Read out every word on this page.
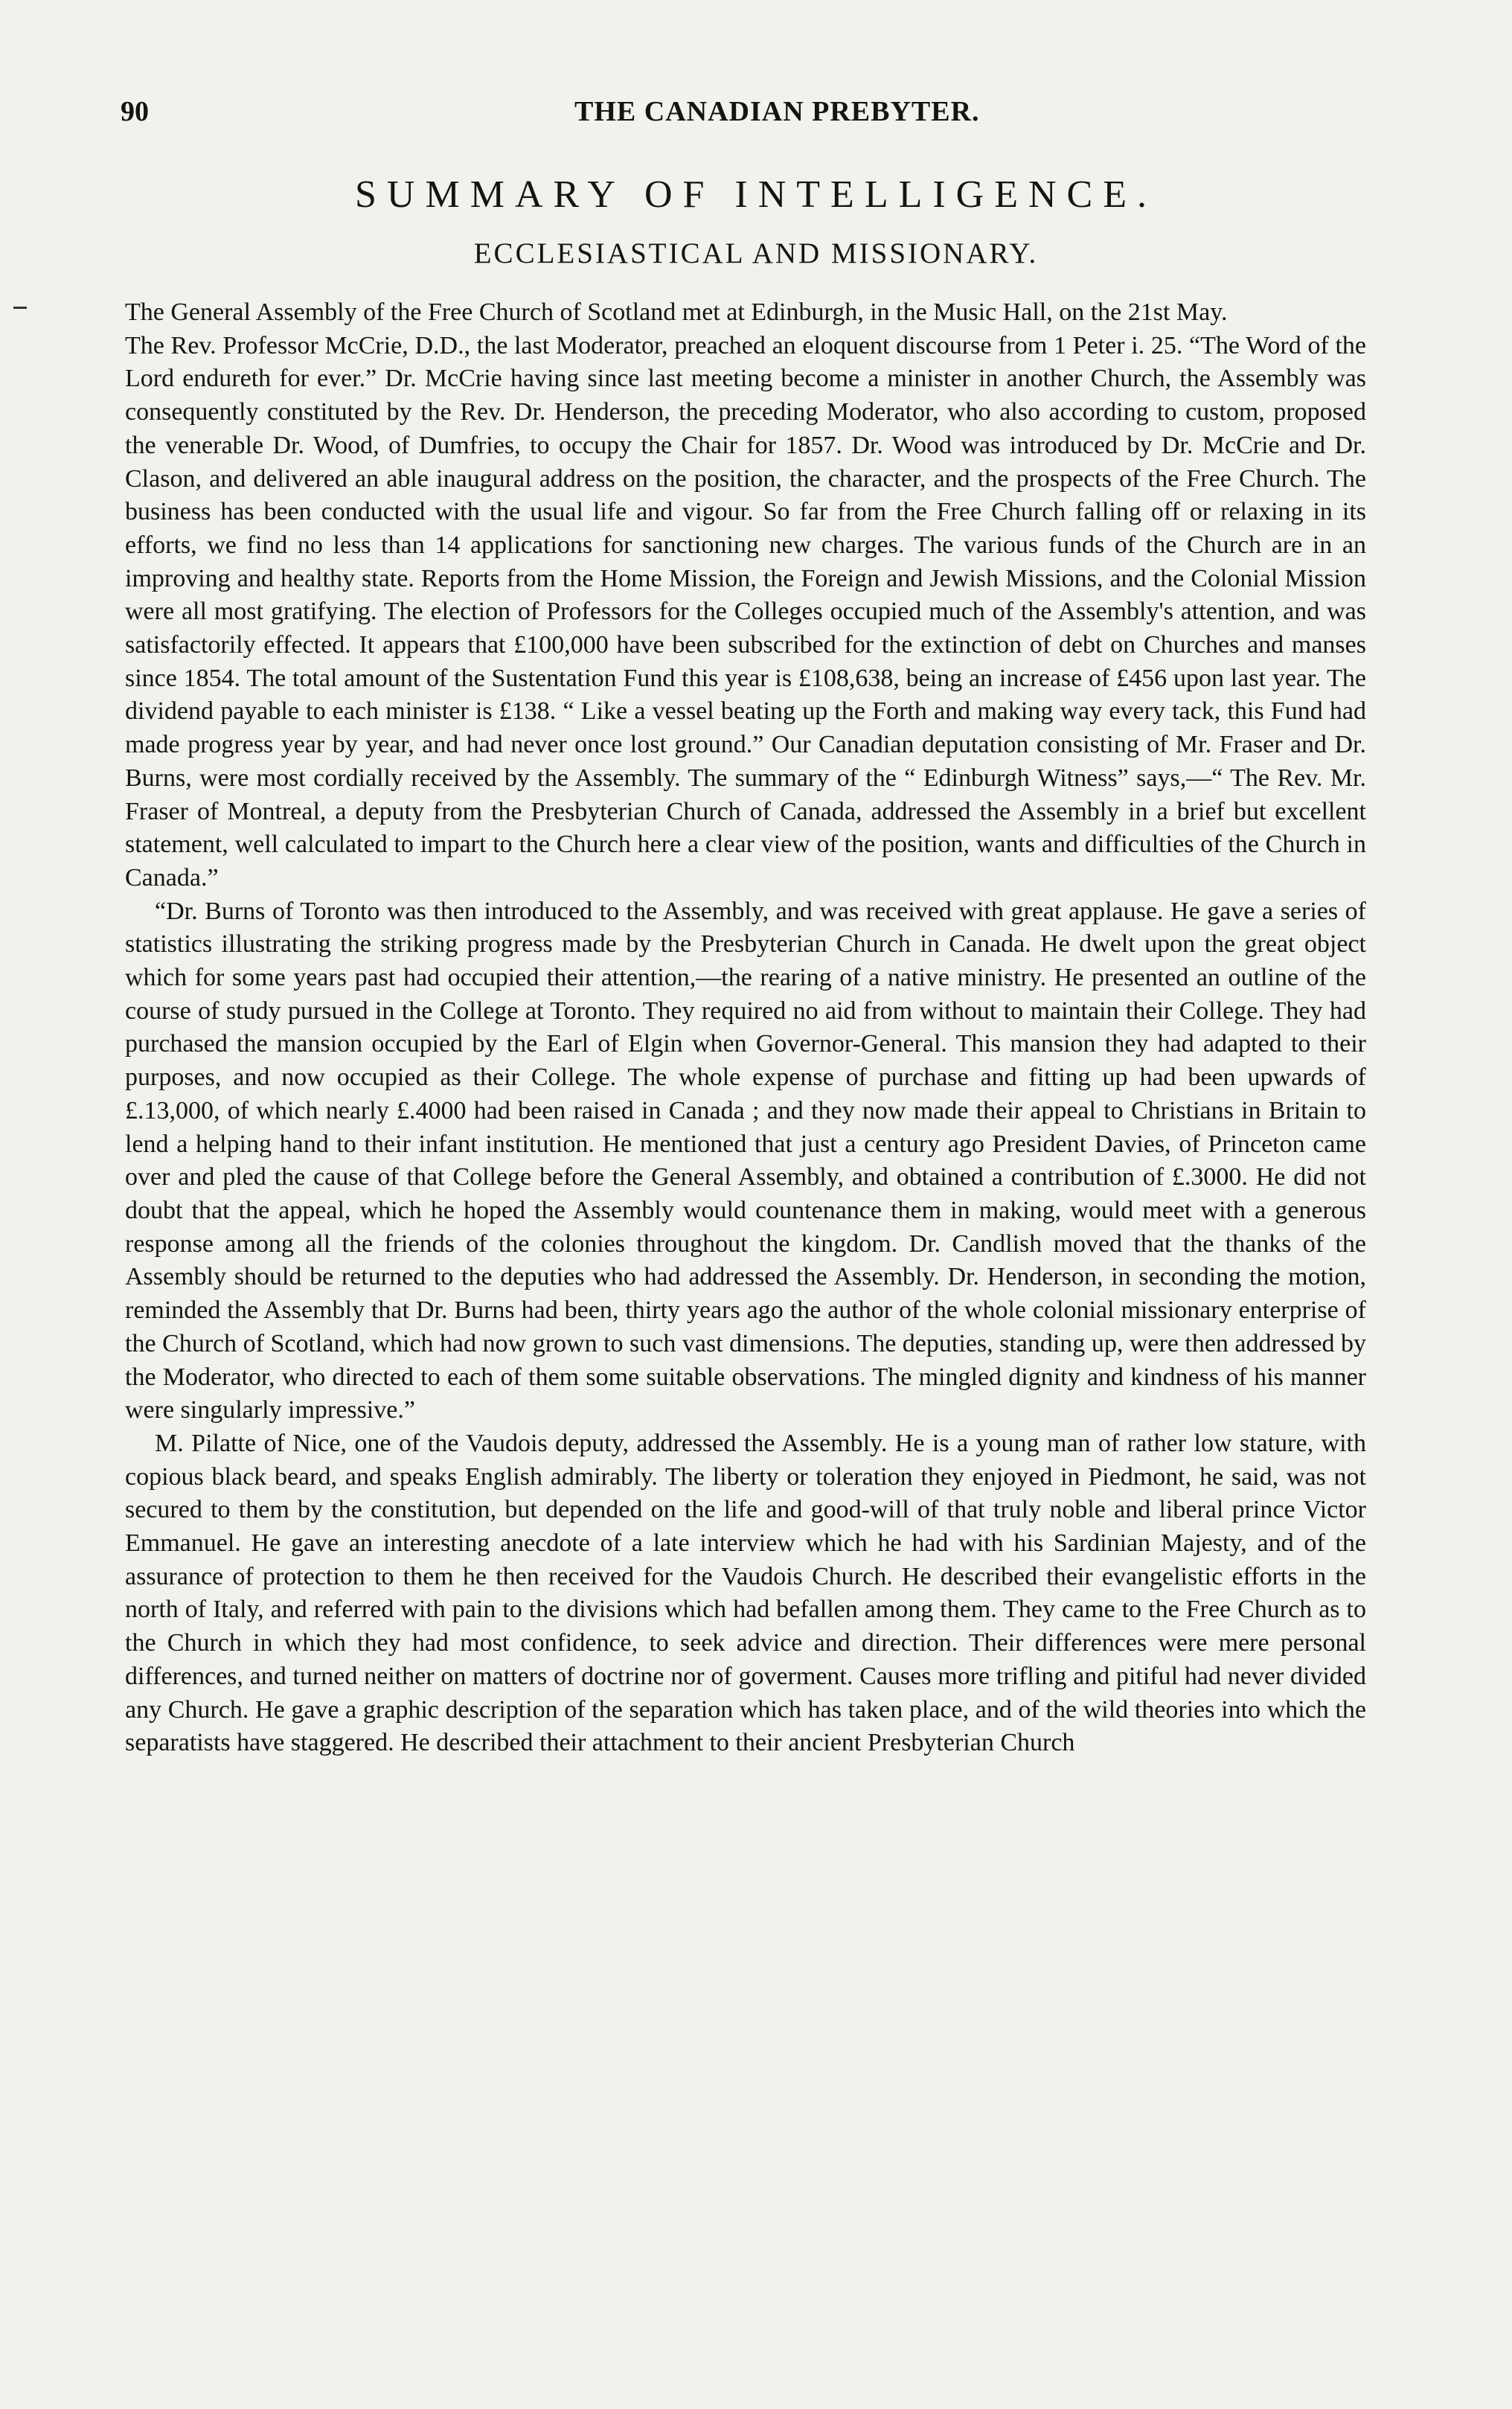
90	THE CANADIAN PREBYTER.
SUMMARY OF INTELLIGENCE.
ECCLESIASTICAL AND MISSIONARY.

The General Assembly of the Free Church of Scotland met at Edinburgh, in the Music Hall, on the 21st May.

The Rev. Professor McCrie, D.D., the last Moderator, preached an eloquent discourse from 1 Peter i. 25. “The Word of the Lord endureth for ever.” Dr. McCrie having since last meeting become a minister in another Church, the Assembly was consequently constituted by the Rev. Dr. Henderson, the preceding Moderator, who also according to custom, proposed the venerable Dr. Wood, of Dumfries, to occupy the Chair for 1857. Dr. Wood was introduced by Dr. McCrie and Dr. Clason, and delivered an able inaugural address on the position, the character, and the prospects of the Free Church. The business has been conducted with the usual life and vigour. So far from the Free Church falling off or relaxing in its efforts, we find no less than 14 applications for sanctioning new charges. The various funds of the Church are in an improving and healthy state. Reports from the Home Mission, the Foreign and Jewish Missions, and the Colonial Mission were all most gratifying. The election of Professors for the Colleges occupied much of the Assembly's attention, and was satisfactorily effected. It appears that £100,000 have been subscribed for the extinction of debt on Churches and manses since 1854. The total amount of the Sustentation Fund this year is £108,638, being an increase of £456 upon last year. The dividend payable to each minister is £138. “ Like a vessel beating up the Forth and making way every tack, this Fund had made progress year by year, and had never once lost ground.” Our Canadian deputation consisting of Mr. Fraser and Dr. Burns, were most cordially received by the Assembly. The summary of the “ Edinburgh Witness” says,—“ The Rev. Mr. Fraser of Montreal, a deputy from the Presbyterian Church of Canada, addressed the Assembly in a brief but excellent statement, well calculated to impart to the Church here a clear view of the position, wants and difficulties of the Church in Canada.”

“Dr. Burns of Toronto was then introduced to the Assembly, and was received with great applause. He gave a series of statistics illustrating the striking progress made by the Presbyterian Church in Canada. He dwelt upon the great object which for some years past had occupied their attention,—the rearing of a native ministry. He presented an outline of the course of study pursued in the College at Toronto. They required no aid from without to maintain their College. They had purchased the mansion occupied by the Earl of Elgin when Governor-General. This mansion they had adapted to their purposes, and now occupied as their College. The whole expense of purchase and fitting up had been upwards of £.13,000, of which nearly £.4000 had been raised in Canada ; and they now made their appeal to Christians in Britain to lend a helping hand to their infant institution. He mentioned that just a century ago President Davies, of Princeton came over and pled the cause of that College before the General Assembly, and obtained a contribution of £.3000. He did not doubt that the appeal, which he hoped the Assembly would countenance them in making, would meet with a generous response among all the friends of the colonies throughout the kingdom. Dr. Candlish moved that the thanks of the Assembly should be returned to the deputies who had addressed the Assembly. Dr. Henderson, in seconding the motion, reminded the Assembly that Dr. Burns had been, thirty years ago the author of the whole colonial missionary enterprise of the Church of Scotland, which had now grown to such vast dimensions. The deputies, standing up, were then addressed by the Moderator, who directed to each of them some suitable observations. The mingled dignity and kindness of his manner were singularly impressive.”

M. Pilatte of Nice, one of the Vaudois deputy, addressed the Assembly. He is a young man of rather low stature, with copious black beard, and speaks English admirably. The liberty or toleration they enjoyed in Piedmont, he said, was not secured to them by the constitution, but depended on the life and good-will of that truly noble and liberal prince Victor Emmanuel. He gave an interesting anecdote of a late interview which he had with his Sardinian Majesty, and of the assurance of protection to them he then received for the Vaudois Church. He described their evangelistic efforts in the north of Italy, and referred with pain to the divisions which had befallen among them. They came to the Free Church as to the Church in which they had most confidence, to seek advice and direction. Their differences were mere personal differences, and turned neither on matters of doctrine nor of goverment. Causes more trifling and pitiful had never divided any Church. He gave a graphic description of the separation which has taken place, and of the wild theories into which the separatists have staggered. He described their attachment to their ancient Presbyterian Church
